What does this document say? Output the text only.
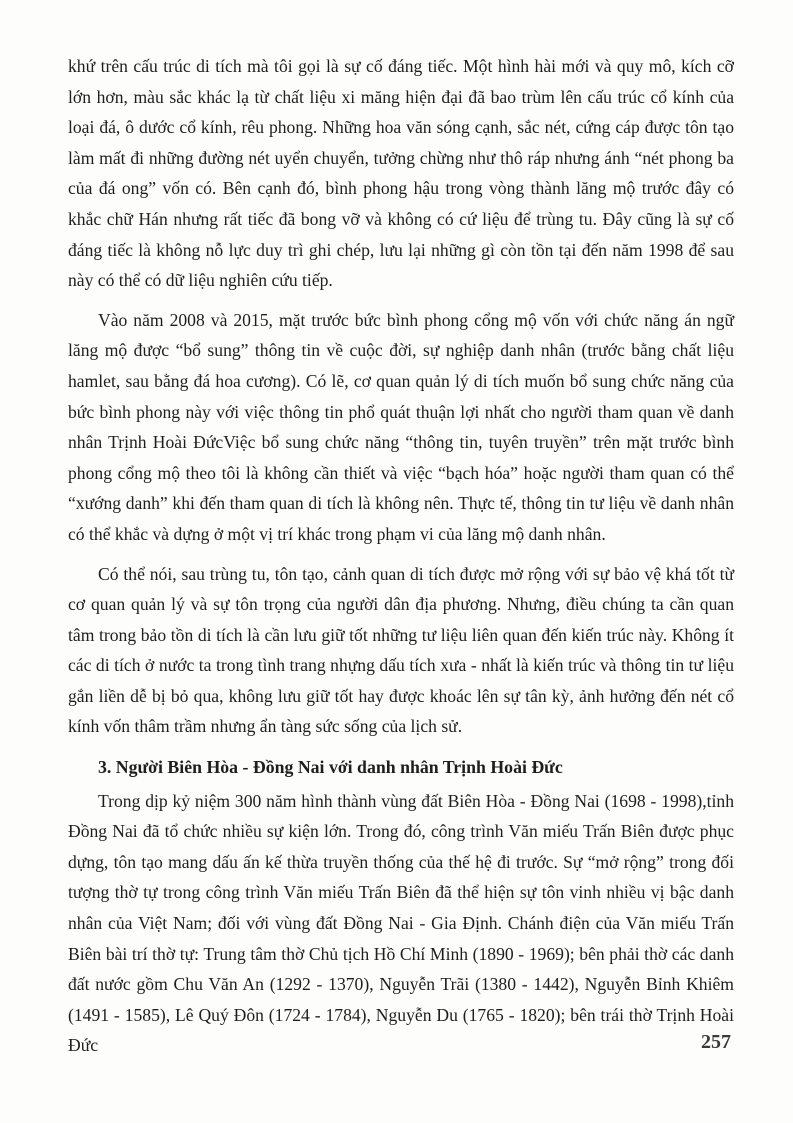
khứ trên cấu trúc di tích mà tôi gọi là sự cố đáng tiếc. Một hình hài mới và quy mô, kích cỡ lớn hơn, màu sắc khác lạ từ chất liệu xi măng hiện đại đã bao trùm lên cấu trúc cổ kính của loại đá, ô dước cổ kính, rêu phong. Những hoa văn sóng cạnh, sắc nét, cứng cáp được tôn tạo làm mất đi những đường nét uyển chuyển, tưởng chừng như thô ráp nhưng ánh “nét phong ba của đá ong” vốn có. Bên cạnh đó, bình phong hậu trong vòng thành lăng mộ trước đây có khắc chữ Hán nhưng rất tiếc đã bong vỡ và không có cứ liệu để trùng tu. Đây cũng là sự cố đáng tiếc là không nỗ lực duy trì ghi chép, lưu lại những gì còn tồn tại đến năm 1998 để sau này có thể có dữ liệu nghiên cứu tiếp.

Vào năm 2008 và 2015, mặt trước bức bình phong cổng mộ vốn với chức năng án ngữ lăng mộ được “bổ sung” thông tin về cuộc đời, sự nghiệp danh nhân (trước bằng chất liệu hamlet, sau bằng đá hoa cương). Có lẽ, cơ quan quản lý di tích muốn bổ sung chức năng của bức bình phong này với việc thông tin phổ quát thuận lợi nhất cho người tham quan về danh nhân Trịnh Hoài ĐứcViệc bổ sung chức năng “thông tin, tuyên truyền” trên mặt trước bình phong cổng mộ theo tôi là không cần thiết và việc “bạch hóa” hoặc người tham quan có thể “xướng danh” khi đến tham quan di tích là không nên. Thực tế, thông tin tư liệu về danh nhân có thể khắc và dựng ở một vị trí khác trong phạm vi của lăng mộ danh nhân.

Có thể nói, sau trùng tu, tôn tạo, cảnh quan di tích được mở rộng với sự bảo vệ khá tốt từ cơ quan quản lý và sự tôn trọng của người dân địa phương. Nhưng, điều chúng ta cần quan tâm trong bảo tồn di tích là cần lưu giữ tốt những tư liệu liên quan đến kiến trúc này. Không ít các di tích ở nước ta trong tình trang nhựng dấu tích xưa - nhất là kiến trúc và thông tin tư liệu gắn liền dễ bị bỏ qua, không lưu giữ tốt hay được khoác lên sự tân kỳ, ảnh hưởng đến nét cổ kính vốn thâm trầm nhưng ẩn tàng sức sống của lịch sử.

3. Người Biên Hòa - Đồng Nai với danh nhân Trịnh Hoài Đức

Trong dịp kỷ niệm 300 năm hình thành vùng đất Biên Hòa - Đồng Nai (1698 - 1998),tỉnh Đồng Nai đã tổ chức nhiều sự kiện lớn. Trong đó, công trình Văn miếu Trấn Biên được phục dựng, tôn tạo mang dấu ấn kế thừa truyền thống của thế hệ đi trước. Sự “mở rộng” trong đối tượng thờ tự trong công trình Văn miếu Trấn Biên đã thể hiện sự tôn vinh nhiều vị bậc danh nhân của Việt Nam; đối với vùng đất Đồng Nai - Gia Định. Chánh điện của Văn miếu Trấn Biên bài trí thờ tự: Trung tâm thờ Chủ tịch Hồ Chí Minh (1890 - 1969); bên phải thờ các danh đất nước gồm Chu Văn An (1292 - 1370), Nguyễn Trãi (1380 - 1442), Nguyễn Bỉnh Khiêm (1491 - 1585), Lê Quý Đôn (1724 - 1784), Nguyễn Du (1765 - 1820); bên trái thờ Trịnh Hoài Đức	257
